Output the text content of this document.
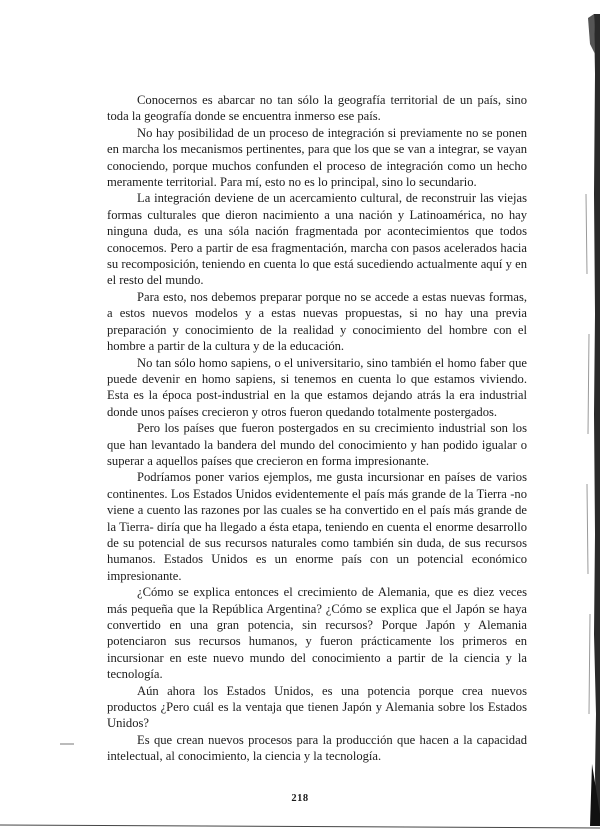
Conocernos es abarcar no tan sólo la geografía territorial de un país, sino toda la geografía donde se encuentra inmerso ese país.

No hay posibilidad de un proceso de integración si previamente no se ponen en marcha los mecanismos pertinentes, para que los que se van a integrar, se vayan conociendo, porque muchos confunden el proceso de integración como un hecho meramente territorial. Para mí, esto no es lo principal, sino lo secundario.

La integración deviene de un acercamiento cultural, de reconstruir las viejas formas culturales que dieron nacimiento a una nación y Latinoamérica, no hay ninguna duda, es una sóla nación fragmentada por acontecimientos que todos conocemos. Pero a partir de esa fragmentación, marcha con pasos acelerados hacia su recomposición, teniendo en cuenta lo que está sucediendo actualmente aquí y en el resto del mundo.

Para esto, nos debemos preparar porque no se accede a estas nuevas formas, a estos nuevos modelos y a estas nuevas propuestas, si no hay una previa preparación y conocimiento de la realidad y conocimiento del hombre con el hombre a partir de la cultura y de la educación.

No tan sólo homo sapiens, o el universitario, sino también el homo faber que puede devenir en homo sapiens, si tenemos en cuenta lo que estamos viviendo. Esta es la época post-industrial en la que estamos dejando atrás la era industrial donde unos países crecieron y otros fueron quedando totalmente postergados.

Pero los países que fueron postergados en su crecimiento industrial son los que han levantado la bandera del mundo del conocimiento y han podido igualar o superar a aquellos países que crecieron en forma impresionante.

Podríamos poner varios ejemplos, me gusta incursionar en países de varios continentes. Los Estados Unidos evidentemente el país más grande de la Tierra -no viene a cuento las razones por las cuales se ha convertido en el país más grande de la Tierra- diría que ha llegado a ésta etapa, teniendo en cuenta el enorme desarrollo de su potencial de sus recursos naturales como también sin duda, de sus recursos humanos. Estados Unidos es un enorme país con un potencial económico impresionante.

¿Cómo se explica entonces el crecimiento de Alemania, que es diez veces más pequeña que la República Argentina? ¿Cómo se explica que el Japón se haya convertido en una gran potencia, sin recursos? Porque Japón y Alemania potenciaron sus recursos humanos, y fueron prácticamente los primeros en incursionar en este nuevo mundo del conocimiento a partir de la ciencia y la tecnología.

Aún ahora los Estados Unidos, es una potencia porque crea nuevos productos ¿Pero cuál es la ventaja que tienen Japón y Alemania sobre los Estados Unidos?

Es que crean nuevos procesos para la producción que hacen a la capacidad intelectual, al conocimiento, la ciencia y la tecnología.

218
